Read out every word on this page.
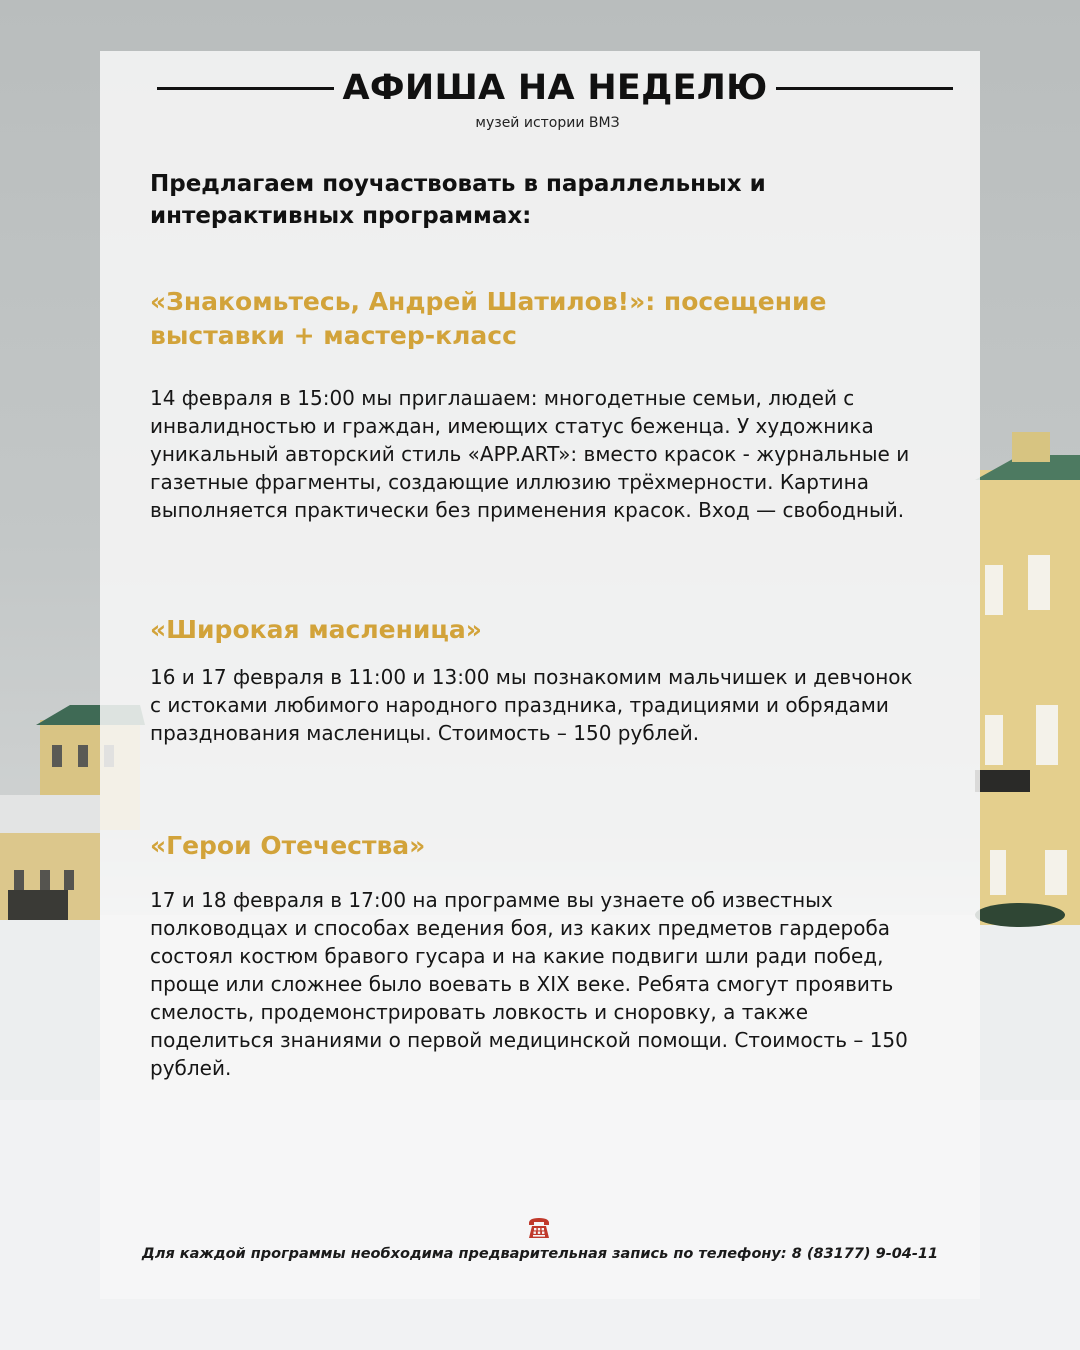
АФИША НА НЕДЕЛЮ
музей истории ВМЗ
Предлагаем поучаствовать в параллельных и интерактивных программах:
«Знакомьтесь, Андрей Шатилов!»: посещение выставки + мастер-класс
14 февраля в 15:00 мы приглашаем: многодетные семьи, людей с инвалидностью и граждан, имеющих статус беженца. У художника уникальный авторский стиль «APP.ART»: вместо красок - журнальные и газетные фрагменты, создающие иллюзию трёхмерности. Картина выполняется практически без применения красок. Вход — свободный.
«Широкая масленица»
16 и 17 февраля в 11:00 и 13:00 мы познакомим мальчишек и девчонок с истоками любимого народного праздника, традициями и обрядами празднования масленицы. Стоимость – 150 рублей.
«Герои Отечества»
17 и 18 февраля в 17:00 на программе вы узнаете об известных полководцах и способах ведения боя, из каких предметов гардероба состоял костюм бравого гусара и на какие подвиги шли ради побед, проще или сложнее было воевать в XIX веке. Ребята смогут проявить смелость, продемонстрировать ловкость и сноровку, а также поделиться знаниями о первой медицинской помощи. Стоимость – 150 рублей.
Для каждой программы необходима предварительная запись по телефону: 8 (83177) 9-04-11
